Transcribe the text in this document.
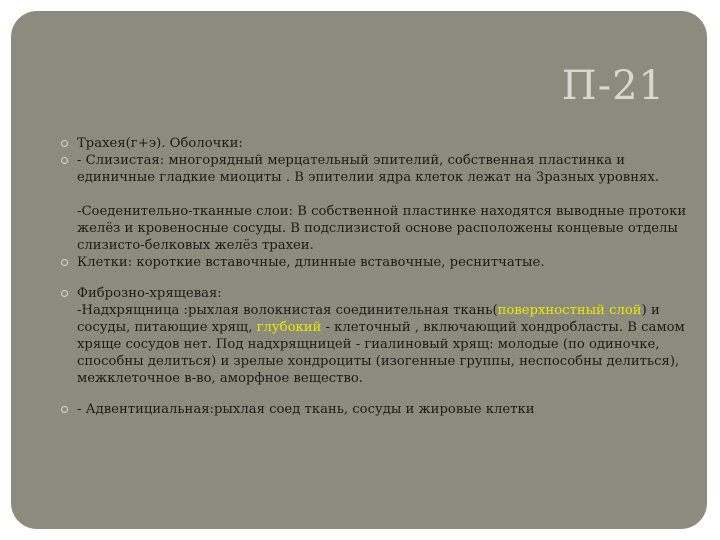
П-21

Трахея(г+э). Оболочки:

- Слизистая: многорядный мерцательный эпителий, собственная пластинка и единичные гладкие миоциты . В эпителии ядра клеток лежат на 3разных уровнях.

-Соеденительно-тканные слои: В собственной пластинке находятся выводные протоки желёз и кровеносные сосуды. В подслизистой основе расположены концевые отделы слизисто-белковых желёз трахеи.

Клетки: короткие вставочные, длинные вставочные, реснитчатые.

Фиброзно-хрящевая:
-Надхрящница :рыхлая волокнистая соединительная ткань(поверхностный слой) и сосуды, питающие хрящ, глубокий - клеточный , включающий хондробласты. В самом хряще сосудов нет. Под надхрящницей - гиалиновый хрящ: молодые (по одиночке, способны делиться) и зрелые хондроциты (изогенные группы, неспособны делиться), межклеточное в-во, аморфное вещество.

- Адвентициальная:рыхлая соед ткань, сосуды и жировые клетки
